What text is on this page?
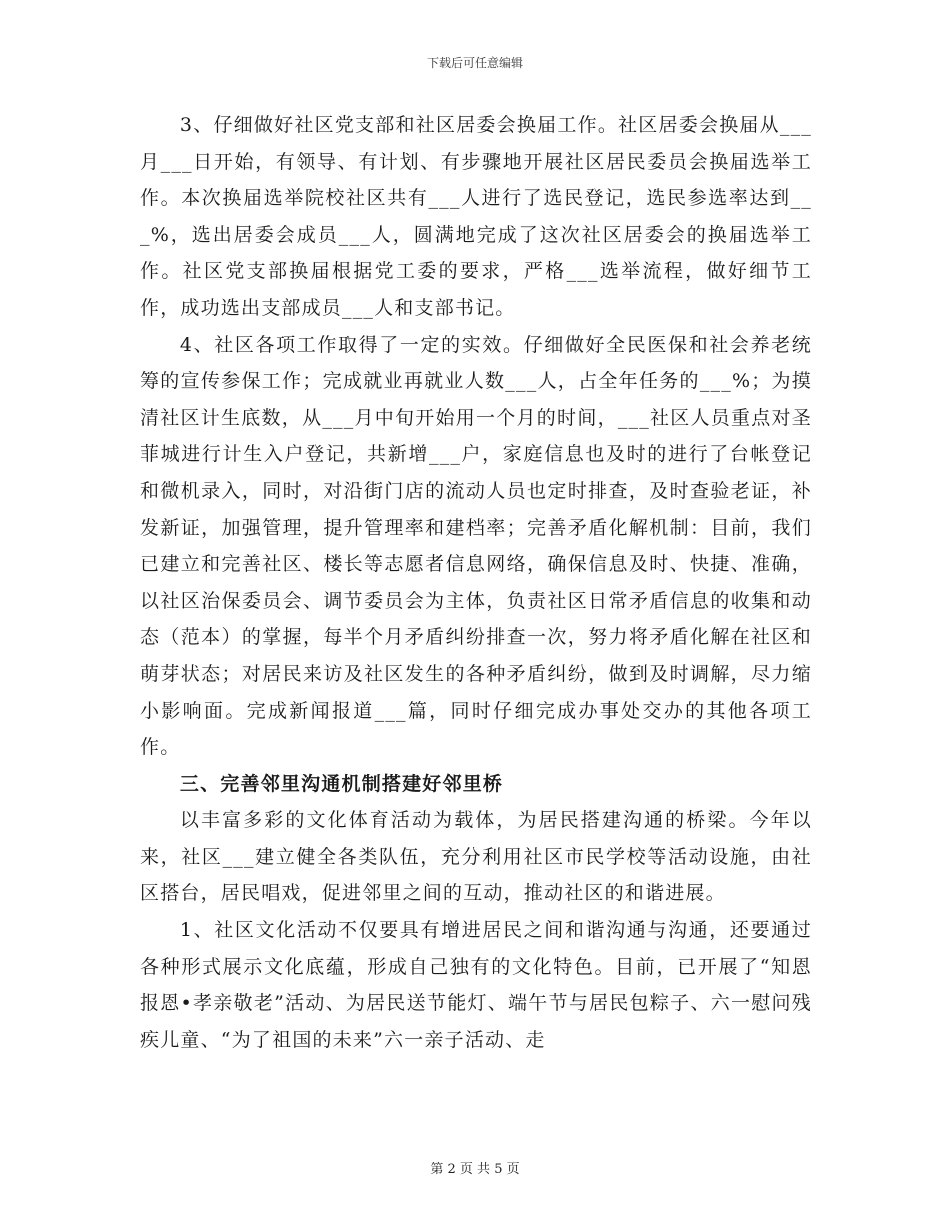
下载后可任意编辑

3、仔细做好社区党支部和社区居委会换届工作。社区居委会换届从___月___日开始，有领导、有计划、有步骤地开展社区居民委员会换届选举工作。本次换届选举院校社区共有___人进行了选民登记，选民参选率达到___%，选出居委会成员___人，圆满地完成了这次社区居委会的换届选举工作。社区党支部换届根据党工委的要求，严格___选举流程，做好细节工作，成功选出支部成员___人和支部书记。

4、社区各项工作取得了一定的实效。仔细做好全民医保和社会养老统筹的宣传参保工作；完成就业再就业人数___人，占全年任务的___%；为摸清社区计生底数，从___月中旬开始用一个月的时间，___社区人员重点对圣菲城进行计生入户登记，共新增___户，家庭信息也及时的进行了台帐登记和微机录入，同时，对沿街门店的流动人员也定时排查，及时查验老证，补发新证，加强管理，提升管理率和建档率；完善矛盾化解机制：目前，我们已建立和完善社区、楼长等志愿者信息网络，确保信息及时、快捷、准确，以社区治保委员会、调节委员会为主体，负责社区日常矛盾信息的收集和动态（范本）的掌握，每半个月矛盾纠纷排查一次，努力将矛盾化解在社区和萌芽状态；对居民来访及社区发生的各种矛盾纠纷，做到及时调解，尽力缩小影响面。完成新闻报道___篇，同时仔细完成办事处交办的其他各项工作。

三、完善邻里沟通机制搭建好邻里桥

以丰富多彩的文化体育活动为载体，为居民搭建沟通的桥梁。今年以来，社区___建立健全各类队伍，充分利用社区市民学校等活动设施，由社区搭台，居民唱戏，促进邻里之间的互动，推动社区的和谐进展。

1、社区文化活动不仅要具有增进居民之间和谐沟通与沟通，还要通过各种形式展示文化底蕴，形成自己独有的文化特色。目前，已开展了“知恩报恩•孝亲敬老”活动、为居民送节能灯、端午节与居民包粽子、六一慰问残疾儿童、“为了祖国的未来”六一亲子活动、走

第 2 页 共 5 页
